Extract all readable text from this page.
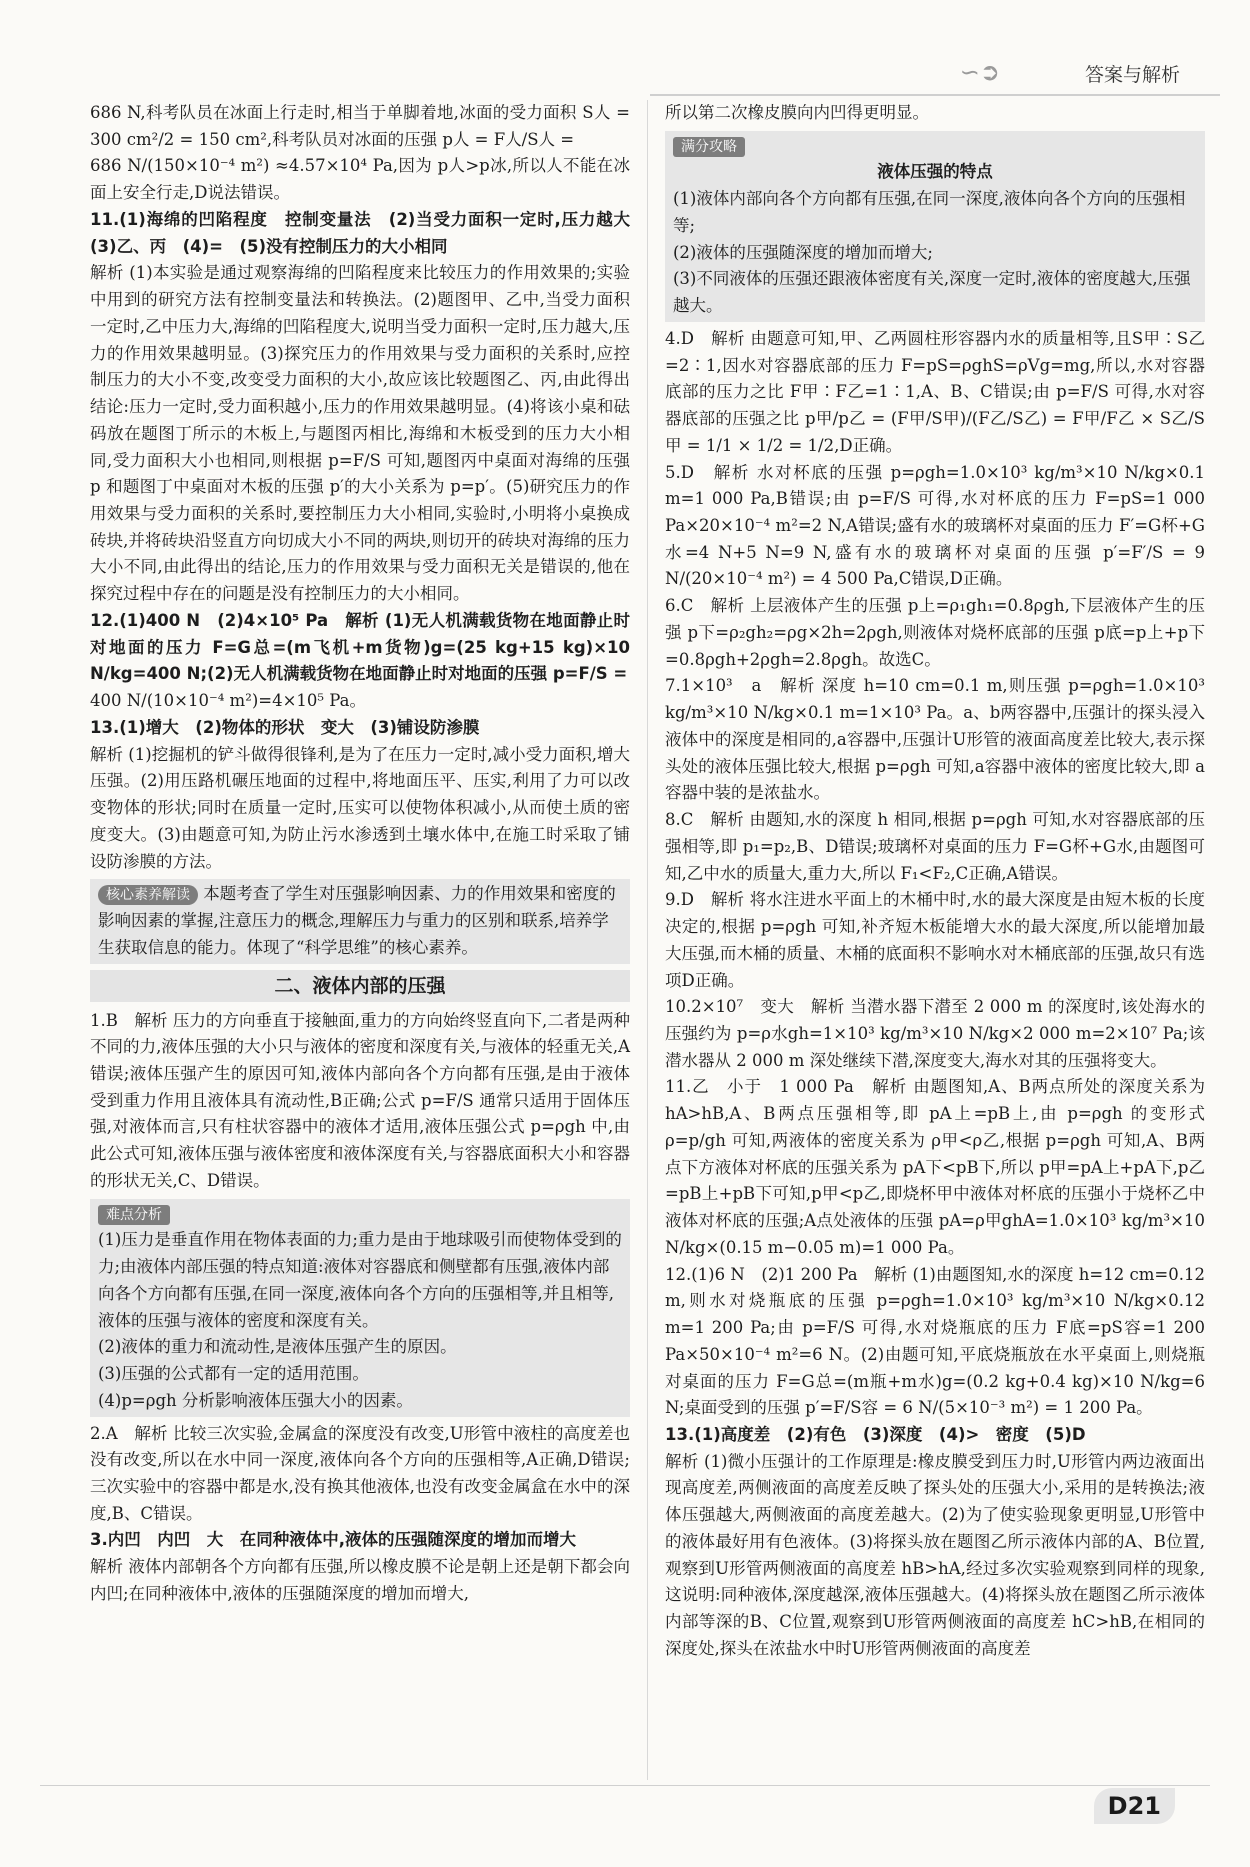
∽➲	答案与解析

686 N,科考队员在冰面上行走时,相当于单脚着地,冰面的受力面积 S人 = 300 cm²/2 = 150 cm²,科考队员对冰面的压强 p人 = F人/S人 =

686 N/(150×10⁻⁴ m²) ≈4.57×10⁴ Pa,因为 p人>p冰,所以人不能在冰面上安全行走,D说法错误。

11.(1)海绵的凹陷程度　控制变量法　(2)当受力面积一定时,压力越大　(3)乙、丙　(4)=　(5)没有控制压力的大小相同

解析 (1)本实验是通过观察海绵的凹陷程度来比较压力的作用效果的;实验中用到的研究方法有控制变量法和转换法。(2)题图甲、乙中,当受力面积一定时,乙中压力大,海绵的凹陷程度大,说明当受力面积一定时,压力越大,压力的作用效果越明显。(3)探究压力的作用效果与受力面积的关系时,应控制压力的大小不变,改变受力面积的大小,故应该比较题图乙、丙,由此得出结论:压力一定时,受力面积越小,压力的作用效果越明显。(4)将该小桌和砝码放在题图丁所示的木板上,与题图丙相比,海绵和木板受到的压力大小相同,受力面积大小也相同,则根据 p=F/S 可知,题图丙中桌面对海绵的压强 p 和题图丁中桌面对木板的压强 p′的大小关系为 p=p′。(5)研究压力的作用效果与受力面积的关系时,要控制压力大小相同,实验时,小明将小桌换成砖块,并将砖块沿竖直方向切成大小不同的两块,则切开的砖块对海绵的压力大小不同,由此得出的结论,压力的作用效果与受力面积无关是错误的,他在探究过程中存在的问题是没有控制压力的大小相同。

12.(1)400 N　(2)4×10⁵ Pa　解析 (1)无人机满载货物在地面静止时对地面的压力 F=G总=(m飞机+m货物)g=(25 kg+15 kg)×10 N/kg=400 N;(2)无人机满载货物在地面静止时对地面的压强 p=F/S =

400 N/(10×10⁻⁴ m²)=4×10⁵ Pa。

13.(1)增大　(2)物体的形状　变大　(3)铺设防渗膜

解析 (1)挖掘机的铲斗做得很锋利,是为了在压力一定时,减小受力面积,增大压强。(2)用压路机碾压地面的过程中,将地面压平、压实,利用了力可以改变物体的形状;同时在质量一定时,压实可以使物体积减小,从而使土质的密度变大。(3)由题意可知,为防止污水渗透到土壤水体中,在施工时采取了铺设防渗膜的方法。

核心素养解读 本题考查了学生对压强影响因素、力的作用效果和密度的影响因素的掌握,注意压力的概念,理解压力与重力的区别和联系,培养学生获取信息的能力。体现了“科学思维”的核心素养。
二、液体内部的压强

1.B　解析 压力的方向垂直于接触面,重力的方向始终竖直向下,二者是两种不同的力,液体压强的大小只与液体的密度和深度有关,与液体的轻重无关,A错误;液体压强产生的原因可知,液体内部向各个方向都有压强,是由于液体受到重力作用且液体具有流动性,B正确;公式 p=F/S 通常只适用于固体压强,对液体而言,只有柱状容器中的液体才适用,液体压强公式 p=ρgh 中,由此公式可知,液体压强与液体密度和液体深度有关,与容器底面积大小和容器的形状无关,C、D错误。

难点分析
(1)压力是垂直作用在物体表面的力;重力是由于地球吸引而使物体受到的力;由液体内部压强的特点知道:液体对容器底和侧壁都有压强,液体内部向各个方向都有压强,在同一深度,液体向各个方向的压强相等,并且相等,液体的压强与液体的密度和深度有关。
(2)液体的重力和流动性,是液体压强产生的原因。
(3)压强的公式都有一定的适用范围。
(4)p=ρgh 分析影响液体压强大小的因素。

2.A　解析 比较三次实验,金属盒的深度没有改变,U形管中液柱的高度差也没有改变,所以在水中同一深度,液体向各个方向的压强相等,A正确,D错误;三次实验中的容器中都是水,没有换其他液体,也没有改变金属盒在水中的深度,B、C错误。

3.内凹　内凹　大　在同种液体中,液体的压强随深度的增加而增大

解析 液体内部朝各个方向都有压强,所以橡皮膜不论是朝上还是朝下都会向内凹;在同种液体中,液体的压强随深度的增加而增大,

所以第二次橡皮膜向内凹得更明显。

满分攻略
液体压强的特点
(1)液体内部向各个方向都有压强,在同一深度,液体向各个方向的压强相等;
(2)液体的压强随深度的增加而增大;
(3)不同液体的压强还跟液体密度有关,深度一定时,液体的密度越大,压强越大。

4.D　解析 由题意可知,甲、乙两圆柱形容器内水的质量相等,且S甲∶S乙=2∶1,因水对容器底部的压力 F=pS=ρghS=ρVg=mg,所以,水对容器底部的压力之比 F甲∶F乙=1∶1,A、B、C错误;由 p=F/S 可得,水对容器底部的压强之比 p甲/p乙 = (F甲/S甲)/(F乙/S乙) = F甲/F乙 × S乙/S甲 = 1/1 × 1/2 = 1/2,D正确。

5.D　解析 水对杯底的压强 p=ρgh=1.0×10³ kg/m³×10 N/kg×0.1 m=1 000 Pa,B错误;由 p=F/S 可得,水对杯底的压力 F=pS=1 000 Pa×20×10⁻⁴ m²=2 N,A错误;盛有水的玻璃杯对桌面的压力 F′=G杯+G水=4 N+5 N=9 N,盛有水的玻璃杯对桌面的压强 p′=F′/S = 9 N/(20×10⁻⁴ m²) = 4 500 Pa,C错误,D正确。

6.C　解析 上层液体产生的压强 p上=ρ₁gh₁=0.8ρgh,下层液体产生的压强 p下=ρ₂gh₂=ρg×2h=2ρgh,则液体对烧杯底部的压强 p底=p上+p下=0.8ρgh+2ρgh=2.8ρgh。故选C。

7.1×10³　a　解析 深度 h=10 cm=0.1 m,则压强 p=ρgh=1.0×10³ kg/m³×10 N/kg×0.1 m=1×10³ Pa。a、b两容器中,压强计的探头浸入液体中的深度是相同的,a容器中,压强计U形管的液面高度差比较大,表示探头处的液体压强比较大,根据 p=ρgh 可知,a容器中液体的密度比较大,即 a 容器中装的是浓盐水。

8.C　解析 由题知,水的深度 h 相同,根据 p=ρgh 可知,水对容器底部的压强相等,即 p₁=p₂,B、D错误;玻璃杯对桌面的压力 F=G杯+G水,由题图可知,乙中水的质量大,重力大,所以 F₁<F₂,C正确,A错误。

9.D　解析 将水注进水平面上的木桶中时,水的最大深度是由短木板的长度决定的,根据 p=ρgh 可知,补齐短木板能增大水的最大深度,所以能增加最大压强,而木桶的质量、木桶的底面积不影响水对木桶底部的压强,故只有选项D正确。

10.2×10⁷　变大　解析 当潜水器下潜至 2 000 m 的深度时,该处海水的压强约为 p=ρ水gh=1×10³ kg/m³×10 N/kg×2 000 m=2×10⁷ Pa;该潜水器从 2 000 m 深处继续下潜,深度变大,海水对其的压强将变大。

11.乙　小于　1 000 Pa　解析 由题图知,A、B两点所处的深度关系为 hA>hB,A、B两点压强相等,即 pA上=pB上,由 p=ρgh 的变形式 ρ=p/gh 可知,两液体的密度关系为 ρ甲<ρ乙,根据 p=ρgh 可知,A、B两点下方液体对杯底的压强关系为 pA下<pB下,所以 p甲=pA上+pA下,p乙=pB上+pB下可知,p甲<p乙,即烧杯甲中液体对杯底的压强小于烧杯乙中液体对杯底的压强;A点处液体的压强 pA=ρ甲ghA=1.0×10³ kg/m³×10 N/kg×(0.15 m−0.05 m)=1 000 Pa。

12.(1)6 N　(2)1 200 Pa　解析 (1)由题图知,水的深度 h=12 cm=0.12 m,则水对烧瓶底的压强 p=ρgh=1.0×10³ kg/m³×10 N/kg×0.12 m=1 200 Pa;由 p=F/S 可得,水对烧瓶底的压力 F底=pS容=1 200 Pa×50×10⁻⁴ m²=6 N。(2)由题可知,平底烧瓶放在水平桌面上,则烧瓶对桌面的压力 F=G总=(m瓶+m水)g=(0.2 kg+0.4 kg)×10 N/kg=6 N;桌面受到的压强 p′=F/S容 = 6 N/(5×10⁻³ m²) = 1 200 Pa。

13.(1)高度差　(2)有色　(3)深度　(4)>　密度　(5)D

解析 (1)微小压强计的工作原理是:橡皮膜受到压力时,U形管内两边液面出现高度差,两侧液面的高度差反映了探头处的压强大小,采用的是转换法;液体压强越大,两侧液面的高度差越大。(2)为了使实验现象更明显,U形管中的液体最好用有色液体。(3)将探头放在题图乙所示液体内部的A、B位置,观察到U形管两侧液面的高度差 hB>hA,经过多次实验观察到同样的现象,这说明:同种液体,深度越深,液体压强越大。(4)将探头放在题图乙所示液体内部等深的B、C位置,观察到U形管两侧液面的高度差 hC>hB,在相同的深度处,探头在浓盐水中时U形管两侧液面的高度差

D21
